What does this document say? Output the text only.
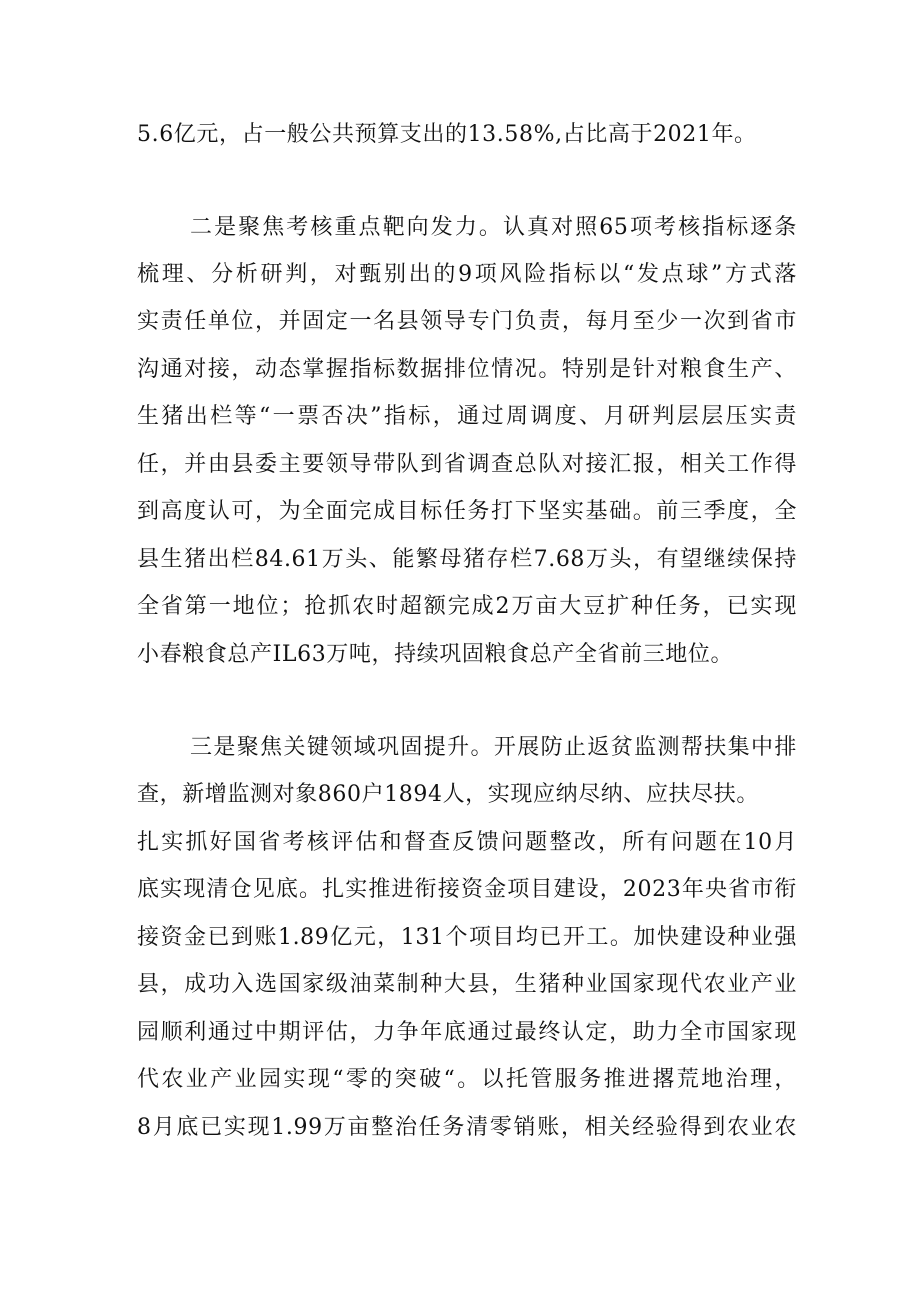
5.6亿元，占一般公共预算支出的13.58%,占比高于2021年。
二是聚焦考核重点靶向发力。认真对照65项考核指标逐条
梳理、分析研判，对甄别出的9项风险指标以“发点球”方式落
实责任单位，并固定一名县领导专门负责，每月至少一次到省市
沟通对接，动态掌握指标数据排位情况。特别是针对粮食生产、
生猪出栏等“一票否决”指标，通过周调度、月研判层层压实责
任，并由县委主要领导带队到省调查总队对接汇报，相关工作得
到高度认可，为全面完成目标任务打下坚实基础。前三季度，全
县生猪出栏84.61万头、能繁母猪存栏7.68万头，有望继续保持
全省第一地位；抢抓农时超额完成2万亩大豆扩种任务，已实现
小春粮食总产IL63万吨，持续巩固粮食总产全省前三地位。
三是聚焦关键领域巩固提升。开展防止返贫监测帮扶集中排
查，新增监测对象860户1894人，实现应纳尽纳、应扶尽扶。
扎实抓好国省考核评估和督查反馈问题整改，所有问题在10月
底实现清仓见底。扎实推进衔接资金项目建设，2023年央省市衔
接资金已到账1.89亿元，131个项目均已开工。加快建设种业强
县，成功入选国家级油菜制种大县，生猪种业国家现代农业产业
园顺利通过中期评估，力争年底通过最终认定，助力全市国家现
代农业产业园实现“零的突破“。以托管服务推进撂荒地治理，
8月底已实现1.99万亩整治任务清零销账，相关经验得到农业农
